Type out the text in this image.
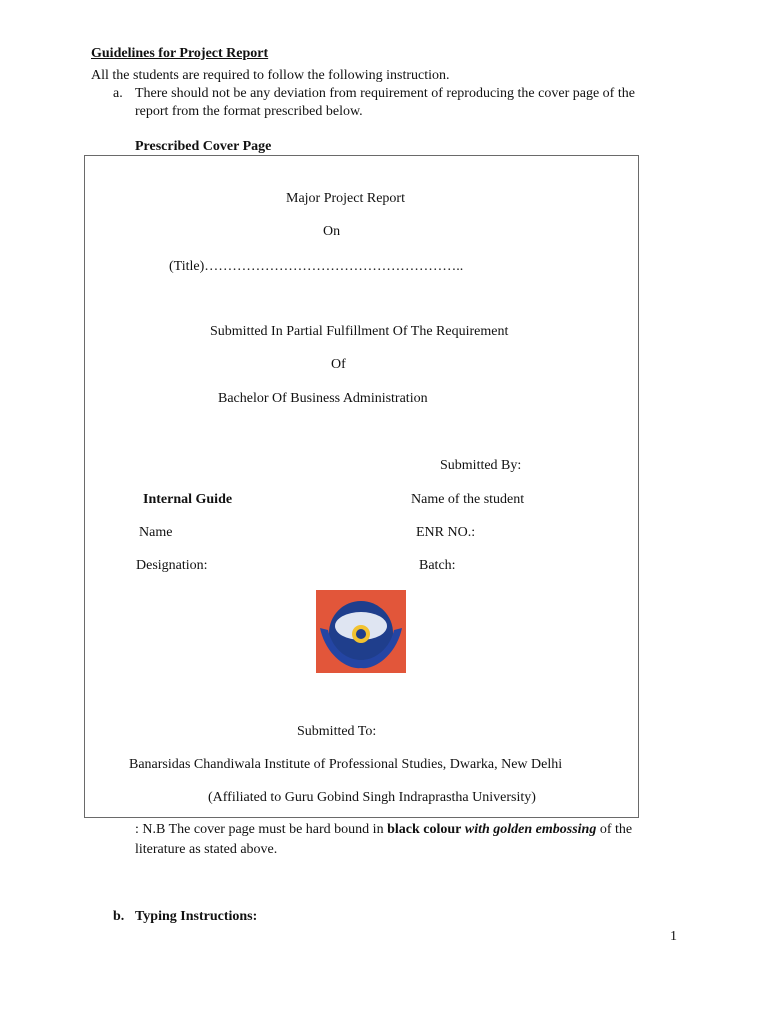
Guidelines for Project Report
All the students are required to follow the following instruction.
a. There should not be any deviation from requirement of reproducing the cover page of the
report from the format prescribed below.
Prescribed Cover Page
Major Project Report
On
(Title)………………………………………………..
Submitted In Partial Fulfillment Of The Requirement
Of
Bachelor Of Business Administration
Submitted By:
Internal Guide	Name of the student
Name	ENR NO.:
Designation:	Batch:
Submitted To:
Banarsidas Chandiwala Institute of Professional Studies, Dwarka, New Delhi
(Affiliated to Guru Gobind Singh Indraprastha University)
: N.B The cover page must be hard bound in black colour with golden embossing of the
literature as stated above.
b. Typing Instructions:
1
